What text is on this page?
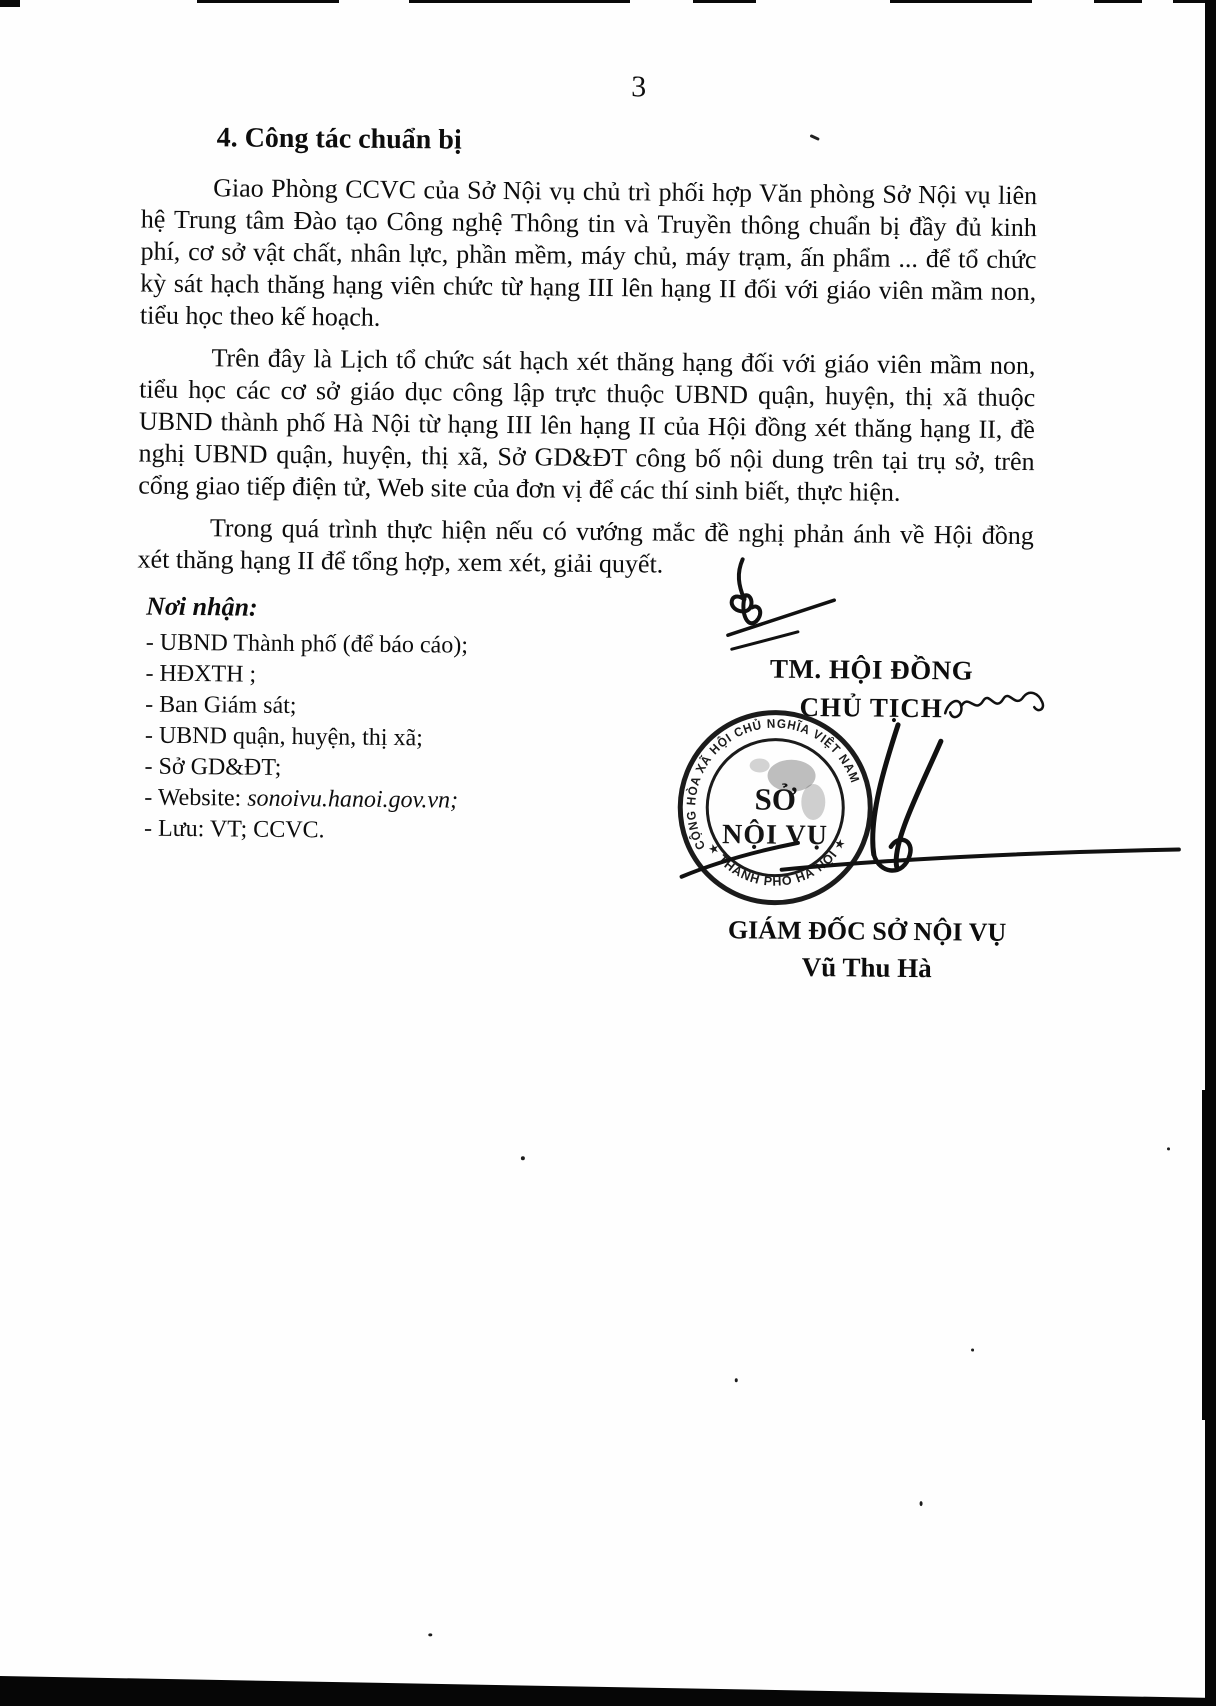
3
4. Công tác chuẩn bị
Giao Phòng CCVC của Sở Nội vụ chủ trì phối hợp Văn phòng Sở Nội vụ liên
hệ Trung tâm Đào tạo Công nghệ Thông tin và Truyền thông chuẩn bị đầy đủ kinh
phí, cơ sở vật chất, nhân lực, phần mềm, máy chủ, máy trạm, ấn phẩm ... để tổ chức
kỳ sát hạch thăng hạng viên chức từ hạng III lên hạng II đối với giáo viên mầm non,
tiểu học theo kế hoạch.
Trên đây là Lịch tổ chức sát hạch xét thăng hạng đối với giáo viên mầm non,
tiểu học các cơ sở giáo dục công lập trực thuộc UBND quận, huyện, thị xã thuộc
UBND thành phố Hà Nội từ hạng III lên hạng II của Hội đồng xét thăng hạng II, đề
nghị UBND quận, huyện, thị xã, Sở GD&ĐT công bố nội dung trên tại trụ sở, trên
cổng giao tiếp điện tử, Web site của đơn vị để các thí sinh biết, thực hiện.
Trong quá trình thực hiện nếu có vướng mắc đề nghị phản ánh về Hội đồng
xét thăng hạng II để tổng hợp, xem xét, giải quyết.
Nơi nhận:
- UBND Thành phố (để báo cáo);
- HĐXTH ;
- Ban Giám sát;
- UBND quận, huyện, thị xã;
- Sở GD&ĐT;
- Website: sonoivu.hanoi.gov.vn;
- Lưu: VT; CCVC.
TM. HỘI ĐỒNG
CHỦ TỊCH
CỘNG HÒA XÃ HỘI CHỦ NGHĨA VIỆT NAM
★ THÀNH PHỐ HÀ NỘI ★
SỞ
NỘI VỤ
GIÁM ĐỐC SỞ NỘI VỤ
Vũ Thu Hà
